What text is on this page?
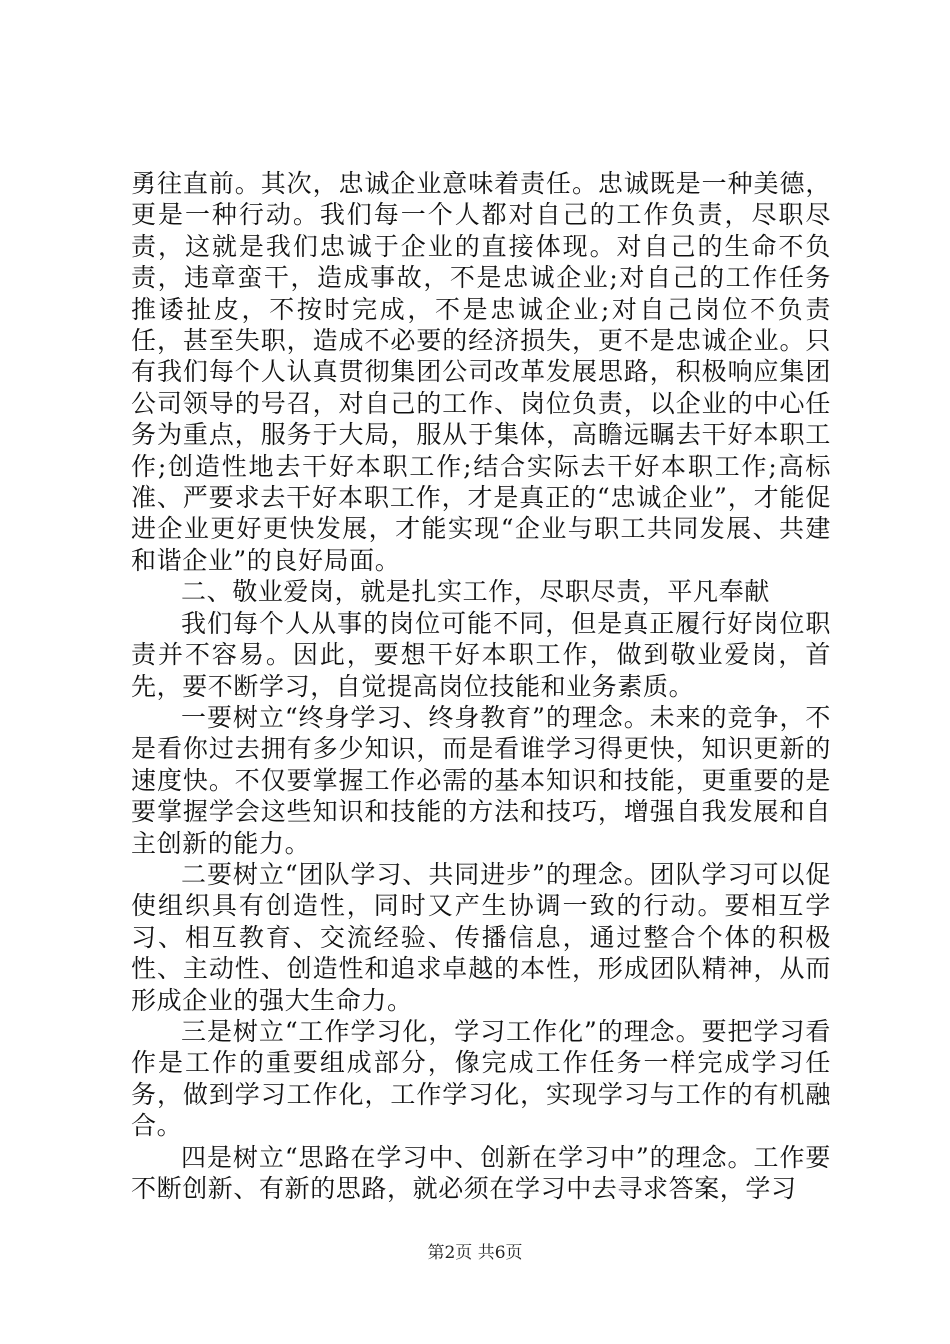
勇往直前。其次，忠诚企业意味着责任。忠诚既是一种美德，更是一种行动。我们每一个人都对自己的工作负责，尽职尽责，这就是我们忠诚于企业的直接体现。对自己的生命不负责，违章蛮干，造成事故，不是忠诚企业;对自己的工作任务推诿扯皮，不按时完成，不是忠诚企业;对自己岗位不负责任，甚至失职，造成不必要的经济损失，更不是忠诚企业。只有我们每个人认真贯彻集团公司改革发展思路，积极响应集团公司领导的号召，对自己的工作、岗位负责，以企业的中心任务为重点，服务于大局，服从于集体，高瞻远瞩去干好本职工作;创造性地去干好本职工作;结合实际去干好本职工作;高标准、严要求去干好本职工作，才是真正的“忠诚企业”，才能促进企业更好更快发展，才能实现“企业与职工共同发展、共建和谐企业”的良好局面。

二、敬业爱岗，就是扎实工作，尽职尽责，平凡奉献

我们每个人从事的岗位可能不同，但是真正履行好岗位职责并不容易。因此，要想干好本职工作，做到敬业爱岗，首先，要不断学习，自觉提高岗位技能和业务素质。

一要树立“终身学习、终身教育”的理念。未来的竞争，不是看你过去拥有多少知识，而是看谁学习得更快，知识更新的速度快。不仅要掌握工作必需的基本知识和技能，更重要的是要掌握学会这些知识和技能的方法和技巧，增强自我发展和自主创新的能力。

二要树立“团队学习、共同进步”的理念。团队学习可以促使组织具有创造性，同时又产生协调一致的行动。要相互学习、相互教育、交流经验、传播信息，通过整合个体的积极性、主动性、创造性和追求卓越的本性，形成团队精神，从而形成企业的强大生命力。

三是树立“工作学习化，学习工作化”的理念。要把学习看作是工作的重要组成部分，像完成工作任务一样完成学习任务，做到学习工作化，工作学习化，实现学习与工作的有机融合。

四是树立“思路在学习中、创新在学习中”的理念。工作要不断创新、有新的思路，就必须在学习中去寻求答案，学习

第2页 共6页
